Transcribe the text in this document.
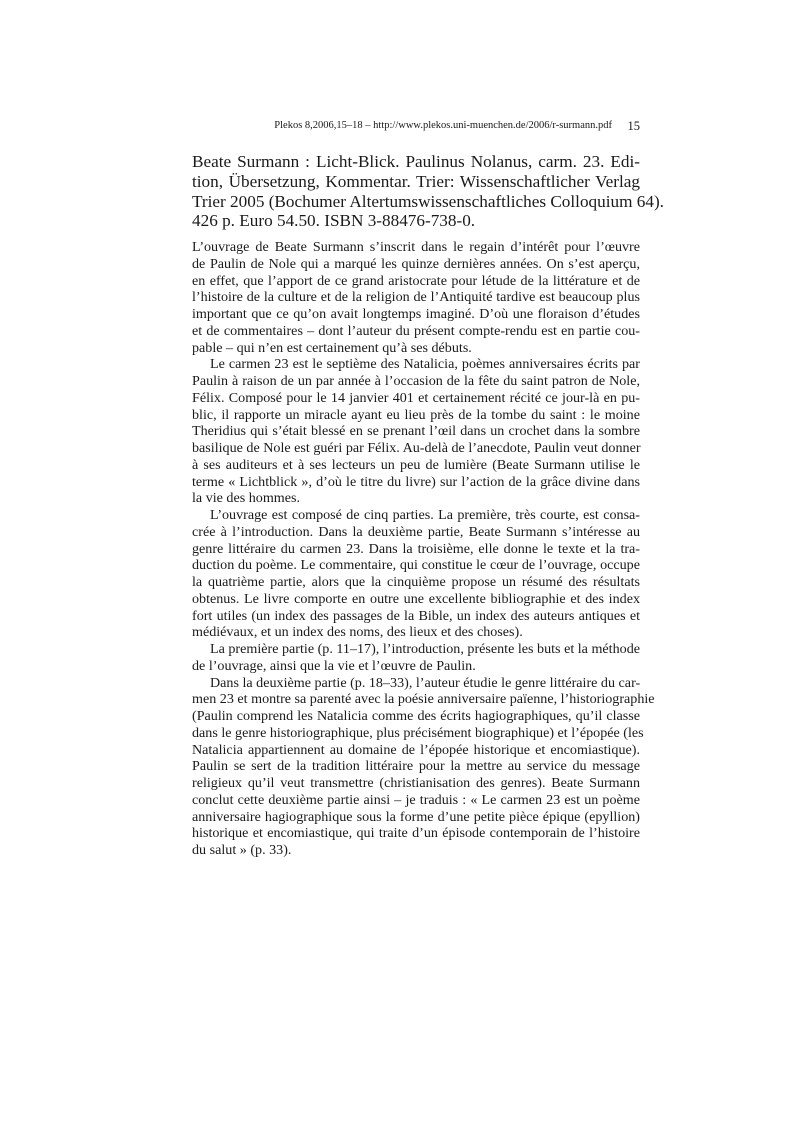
Plekos 8,2006,15–18 – http://www.plekos.uni-muenchen.de/2006/r-surmann.pdf 15
Beate Surmann : Licht-Blick. Paulinus Nolanus, carm. 23. Edi-
tion, Übersetzung, Kommentar. Trier: Wissenschaftlicher Verlag
Trier 2005 (Bochumer Altertumswissenschaftliches Colloquium 64).
426 p. Euro 54.50. ISBN 3-88476-738-0.
L’ouvrage de Beate Surmann s’inscrit dans le regain d’intérêt pour l’œuvre
de Paulin de Nole qui a marqué les quinze dernières années. On s’est aperçu,
en effet, que l’apport de ce grand aristocrate pour létude de la littérature et de
l’histoire de la culture et de la religion de l’Antiquité tardive est beaucoup plus
important que ce qu’on avait longtemps imaginé. D’où une floraison d’études
et de commentaires – dont l’auteur du présent compte-rendu est en partie cou-
pable – qui n’en est certainement qu’à ses débuts.
Le carmen 23 est le septième des Natalicia, poèmes anniversaires écrits par
Paulin à raison de un par année à l’occasion de la fête du saint patron de Nole,
Félix. Composé pour le 14 janvier 401 et certainement récité ce jour-là en pu-
blic, il rapporte un miracle ayant eu lieu près de la tombe du saint : le moine
Theridius qui s’était blessé en se prenant l’œil dans un crochet dans la sombre
basilique de Nole est guéri par Félix. Au-delà de l’anecdote, Paulin veut donner
à ses auditeurs et à ses lecteurs un peu de lumière (Beate Surmann utilise le
terme « Lichtblick », d’où le titre du livre) sur l’action de la grâce divine dans
la vie des hommes.
L’ouvrage est composé de cinq parties. La première, très courte, est consa-
crée à l’introduction. Dans la deuxième partie, Beate Surmann s’intéresse au
genre littéraire du carmen 23. Dans la troisième, elle donne le texte et la tra-
duction du poème. Le commentaire, qui constitue le cœur de l’ouvrage, occupe
la quatrième partie, alors que la cinquième propose un résumé des résultats
obtenus. Le livre comporte en outre une excellente bibliographie et des index
fort utiles (un index des passages de la Bible, un index des auteurs antiques et
médiévaux, et un index des noms, des lieux et des choses).
La première partie (p. 11–17), l’introduction, présente les buts et la méthode
de l’ouvrage, ainsi que la vie et l’œuvre de Paulin.
Dans la deuxième partie (p. 18–33), l’auteur étudie le genre littéraire du car-
men 23 et montre sa parenté avec la poésie anniversaire païenne, l’historiographie
(Paulin comprend les Natalicia comme des écrits hagiographiques, qu’il classe
dans le genre historiographique, plus précisément biographique) et l’épopée (les
Natalicia appartiennent au domaine de l’épopée historique et encomiastique).
Paulin se sert de la tradition littéraire pour la mettre au service du message
religieux qu’il veut transmettre (christianisation des genres). Beate Surmann
conclut cette deuxième partie ainsi – je traduis : « Le carmen 23 est un poème
anniversaire hagiographique sous la forme d’une petite pièce épique (epyllion)
historique et encomiastique, qui traite d’un épisode contemporain de l’histoire
du salut » (p. 33).
